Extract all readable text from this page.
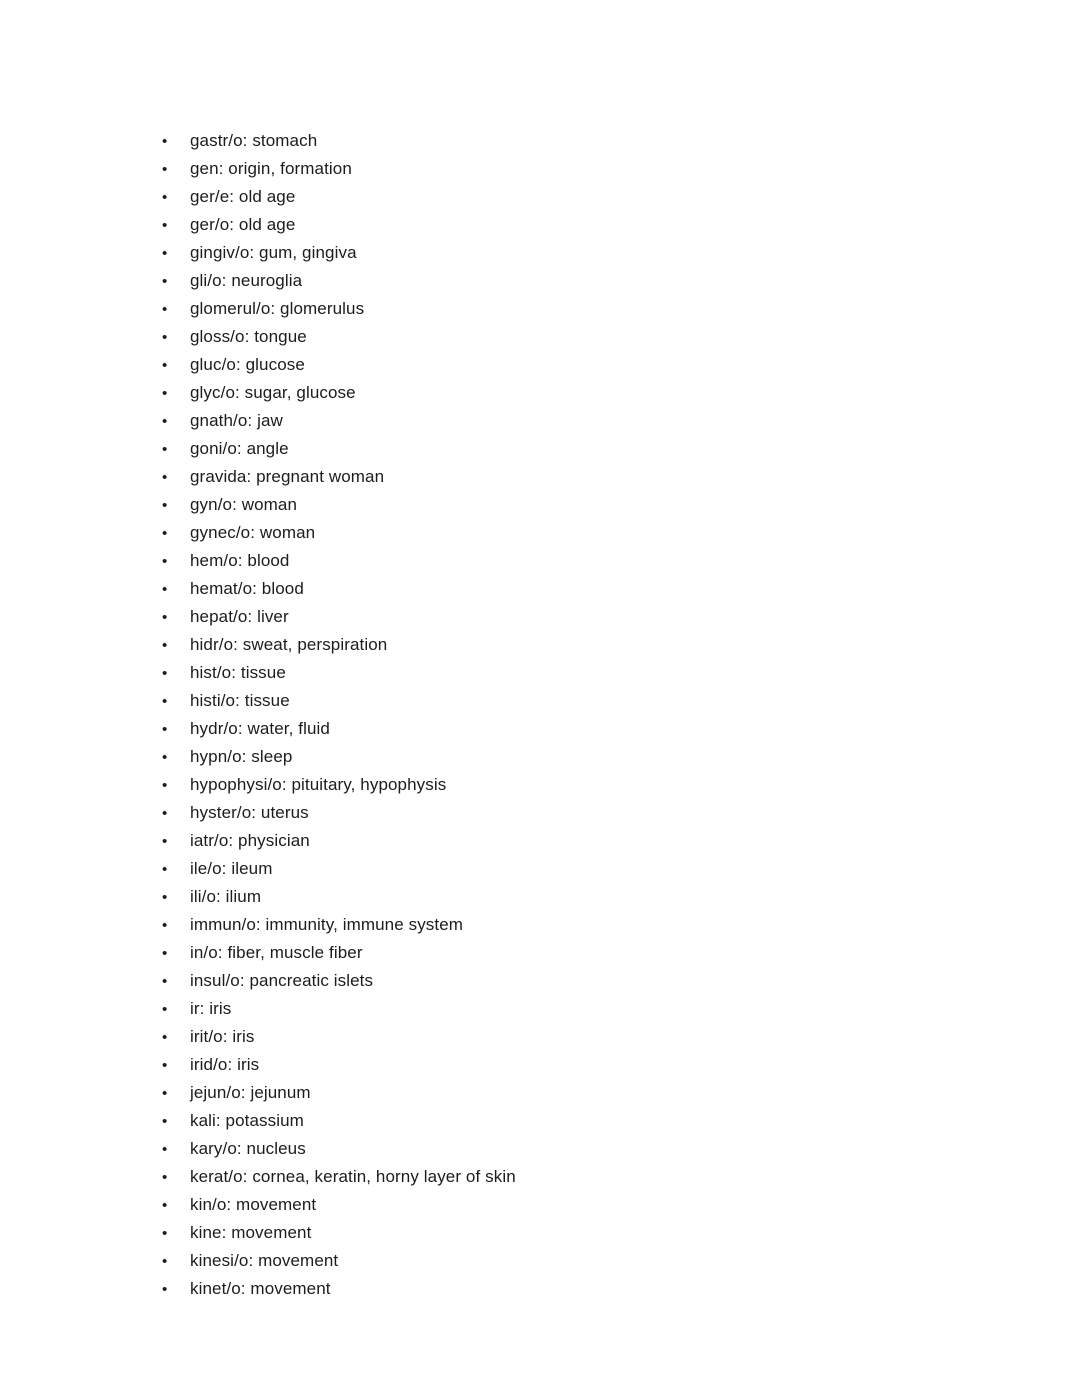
• gastr/o: stomach
• gen: origin, formation
• ger/e: old age
• ger/o: old age
• gingiv/o: gum, gingiva
• gli/o: neuroglia
• glomerul/o: glomerulus
• gloss/o: tongue
• gluc/o: glucose
• glyc/o: sugar, glucose
• gnath/o: jaw
• goni/o: angle
• gravida: pregnant woman
• gyn/o: woman
• gynec/o: woman
• hem/o: blood
• hemat/o: blood
• hepat/o: liver
• hidr/o: sweat, perspiration
• hist/o: tissue
• histi/o: tissue
• hydr/o: water, fluid
• hypn/o: sleep
• hypophysi/o: pituitary, hypophysis
• hyster/o: uterus
• iatr/o: physician
• ile/o: ileum
• ili/o: ilium
• immun/o: immunity, immune system
• in/o: fiber, muscle fiber
• insul/o: pancreatic islets
• ir: iris
• irit/o: iris
• irid/o: iris
• jejun/o: jejunum
• kali: potassium
• kary/o: nucleus
• kerat/o: cornea, keratin, horny layer of skin
• kin/o: movement
• kine: movement
• kinesi/o: movement
• kinet/o: movement
